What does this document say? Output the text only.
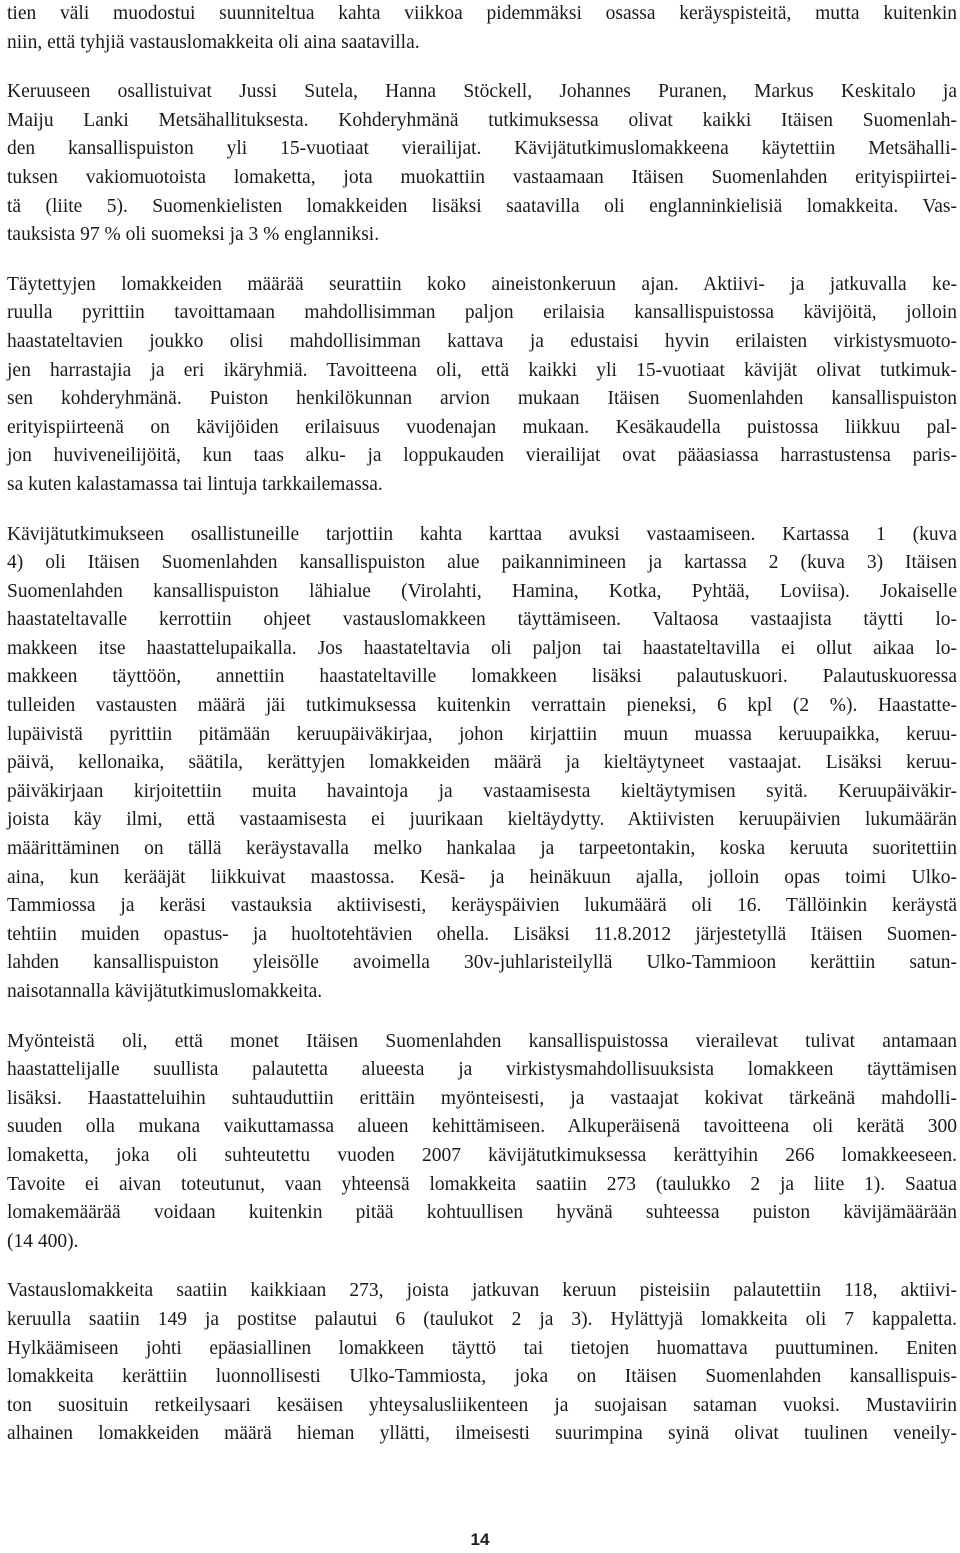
tien väli muodostui suunniteltua kahta viikkoa pidemmäksi osassa keräyspisteitä, mutta kuitenkin
niin, että tyhjiä vastauslomakkeita oli aina saatavilla.
Keruuseen osallistuivat Jussi Sutela, Hanna Stöckell, Johannes Puranen, Markus Keskitalo ja
Maiju Lanki Metsähallituksesta. Kohderyhmänä tutkimuksessa olivat kaikki Itäisen Suomenlah-
den kansallispuiston yli 15-vuotiaat vierailijat. Kävijätutkimuslomakkeena käytettiin Metsähalli-
tuksen vakiomuotoista lomaketta, jota muokattiin vastaamaan Itäisen Suomenlahden erityispiirtei-
tä (liite 5). Suomenkielisten lomakkeiden lisäksi saatavilla oli englanninkielisiä lomakkeita. Vas-
tauksista 97 % oli suomeksi ja 3 % englanniksi.
Täytettyjen lomakkeiden määrää seurattiin koko aineistonkeruun ajan. Aktiivi- ja jatkuvalla ke-
ruulla pyrittiin tavoittamaan mahdollisimman paljon erilaisia kansallispuistossa kävijöitä, jolloin
haastateltavien joukko olisi mahdollisimman kattava ja edustaisi hyvin erilaisten virkistysmuoto-
jen harrastajia ja eri ikäryhmiä. Tavoitteena oli, että kaikki yli 15-vuotiaat kävijät olivat tutkimuk-
sen kohderyhmänä. Puiston henkilökunnan arvion mukaan Itäisen Suomenlahden kansallispuiston
erityispiirteenä on kävijöiden erilaisuus vuodenajan mukaan. Kesäkaudella puistossa liikkuu pal-
jon huviveneilijöitä, kun taas alku- ja loppukauden vierailijat ovat pääasiassa harrastustensa paris-
sa kuten kalastamassa tai lintuja tarkkailemassa.
Kävijätutkimukseen osallistuneille tarjottiin kahta karttaa avuksi vastaamiseen. Kartassa 1 (kuva
4) oli Itäisen Suomenlahden kansallispuiston alue paikannimineen ja kartassa 2 (kuva 3) Itäisen
Suomenlahden kansallispuiston lähialue (Virolahti, Hamina, Kotka, Pyhtää, Loviisa). Jokaiselle
haastateltavalle kerrottiin ohjeet vastauslomakkeen täyttämiseen. Valtaosa vastaajista täytti lo-
makkeen itse haastattelupaikalla. Jos haastateltavia oli paljon tai haastateltavilla ei ollut aikaa lo-
makkeen täyttöön, annettiin haastateltaville lomakkeen lisäksi palautuskuori. Palautuskuoressa
tulleiden vastausten määrä jäi tutkimuksessa kuitenkin verrattain pieneksi, 6 kpl (2 %). Haastatte-
lupäivistä pyrittiin pitämään keruupäiväkirjaa, johon kirjattiin muun muassa keruupaikka, keruu-
päivä, kellonaika, säätila, kerättyjen lomakkeiden määrä ja kieltäytyneet vastaajat. Lisäksi keruu-
päiväkirjaan kirjoitettiin muita havaintoja ja vastaamisesta kieltäytymisen syitä. Keruupäiväkir-
joista käy ilmi, että vastaamisesta ei juurikaan kieltäydytty. Aktiivisten keruupäivien lukumäärän
määrittäminen on tällä keräystavalla melko hankalaa ja tarpeetontakin, koska keruuta suoritettiin
aina, kun kerääjät liikkuivat maastossa. Kesä- ja heinäkuun ajalla, jolloin opas toimi Ulko-
Tammiossa ja keräsi vastauksia aktiivisesti, keräyspäivien lukumäärä oli 16. Tällöinkin keräystä
tehtiin muiden opastus- ja huoltotehtävien ohella. Lisäksi 11.8.2012 järjestetyllä Itäisen Suomen-
lahden kansallispuiston yleisölle avoimella 30v-juhlaristeilyllä Ulko-Tammioon kerättiin satun-
naisotannalla kävijätutkimuslomakkeita.
Myönteistä oli, että monet Itäisen Suomenlahden kansallispuistossa vierailevat tulivat antamaan
haastattelijalle suullista palautetta alueesta ja virkistysmahdollisuuksista lomakkeen täyttämisen
lisäksi. Haastatteluihin suhtauduttiin erittäin myönteisesti, ja vastaajat kokivat tärkeänä mahdolli-
suuden olla mukana vaikuttamassa alueen kehittämiseen. Alkuperäisenä tavoitteena oli kerätä 300
lomaketta, joka oli suhteutettu vuoden 2007 kävijätutkimuksessa kerättyihin 266 lomakkeeseen.
Tavoite ei aivan toteutunut, vaan yhteensä lomakkeita saatiin 273 (taulukko 2 ja liite 1). Saatua
lomakemäärää voidaan kuitenkin pitää kohtuullisen hyvänä suhteessa puiston kävijämäärään
(14 400).
Vastauslomakkeita saatiin kaikkiaan 273, joista jatkuvan keruun pisteisiin palautettiin 118, aktiivi-
keruulla saatiin 149 ja postitse palautui 6 (taulukot 2 ja 3). Hylättyjä lomakkeita oli 7 kappaletta.
Hylkäämiseen johti epäasiallinen lomakkeen täyttö tai tietojen huomattava puuttuminen. Eniten
lomakkeita kerättiin luonnollisesti Ulko-Tammiosta, joka on Itäisen Suomenlahden kansallispuis-
ton suosituin retkeilysaari kesäisen yhteysalusliikenteen ja suojaisan sataman vuoksi. Mustaviirin
alhainen lomakkeiden määrä hieman yllätti, ilmeisesti suurimpina syinä olivat tuulinen veneily-
14
